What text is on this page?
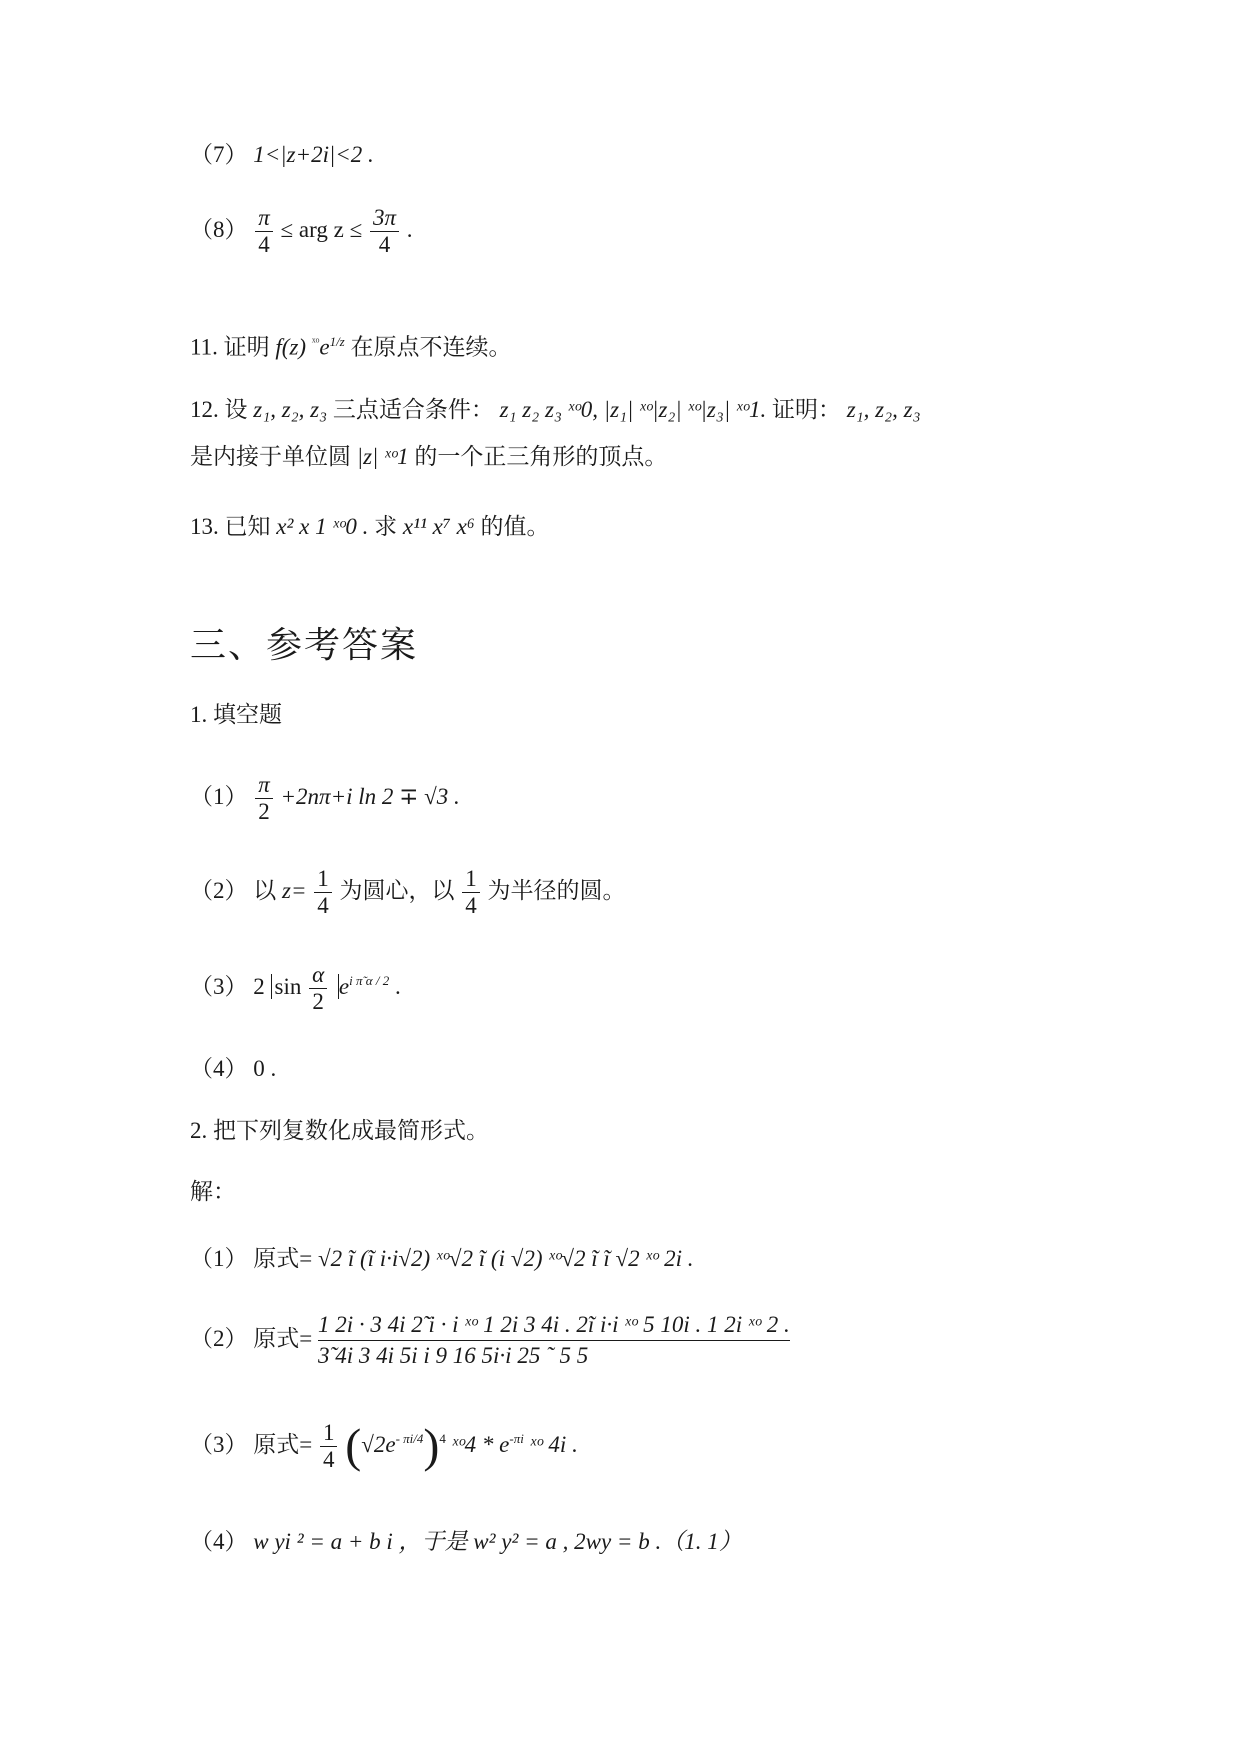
（7） 1<|z+2i|<2 .
$(8) \frac{\pi}{4}$ ≤ arg $z \le \frac{3\pi}{4}$ .
11. 证明 f(z) $^{ˣᵒ}e^{1/z}$ 在原点不连续。
12. 设 z₁, z₂, z₃ 三点适合条件： z₁ z₂ z₃ ˣᵒ0, |z₁| ˣᵒ|z₂| ˣᵒ|z₃| ˣᵒ1. 证明： z₁, z₂, z₃
是内接于单位圆 |z| ˣᵒ1 的一个正三角形的顶点。
13. 已知 x² x 1 ˣᵒ0 . 求 x¹¹ x⁷ x⁶ 的值。
三、参考答案
1. 填空题
$(1) \frac{\pi}{2} +2n\pi+i$ ln 2 ∓ √3 .
（2） 以 $z= \frac{1}{4}$ 为圆心，以 $\frac{1}{4}$ 为半径的圆。
（3） 2 $\sin \frac{\alpha}{2} e^{i \pĩ \alpha / 2}$ .
（4） 0 .
2. 把下列复数化成最简形式。
解：
（1） 原式= √2 ĩ (ĩ i·i√2) ˣᵒ√2 ĩ (i √2) ˣᵒ√2 ĩ ĩ √2 ˣᵒ 2i .
（2） 原式=
1 2i · 3 4i 2̃ i · i ˣᵒ 1 2i 3 4i . 2ĩ i·i ˣᵒ 5 10i . 1 2i ˣᵒ 2 .
3̃ 4i 3 4i 5i i 9 16 5i·i 25 ˜ 5 5
（3） 原式= $\frac{1}{4} (√2e^{- \pi i/4})^4$ ˣᵒ4 * $e^{-\pi i}$ ˣᵒ 4i .
（4） w yi ² = a + b i ，于是 w² y² = a , 2wy = b .（1. 1）
